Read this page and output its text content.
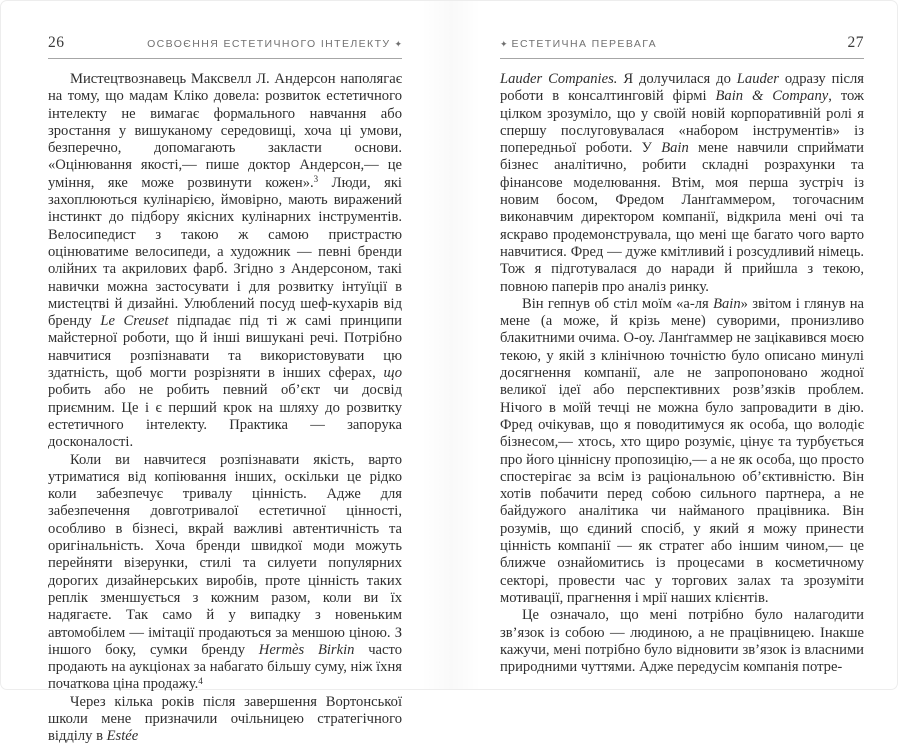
26	ОСВОЄННЯ ЕСТЕТИЧНОГО ІНТЕЛЕКТУ ✦

Мистецтвознавець Максвелл Л. Андерсон наполягає на тому, що мадам Кліко довела: розвиток естетичного інтелекту не вимагає формального навчання або зростання у вишуканому середовищі, хоча ці умови, безперечно, допомагають закласти основи. «Оцінювання якості,— пише доктор Андерсон,— це уміння, яке може розвинути кожен».$^3$ Люди, які захоплюються кулінарією, ймовірно, мають виражений інстинкт до підбору якісних кулінарних інструментів. Велосипедист з такою ж самою пристрастю оцінюватиме велосипеди, а художник — певні бренди олійних та акрилових фарб. Згідно з Андерсоном, такі навички можна застосувати і для розвитку інтуїції в мистецтві й дизайні. Улюблений посуд шеф-кухарів від бренду Le Creuset підпадає під ті ж самі принципи майстерної роботи, що й інші вишукані речі. Потрібно навчитися розпізнавати та використовувати цю здатність, щоб могти розрізняти в інших сферах, що робить або не робить певний об’єкт чи досвід приємним. Це і є перший крок на шляху до розвитку естетичного інтелекту. Практика — запорука досконалості.

Коли ви навчитеся розпізнавати якість, варто утриматися від копіювання інших, оскільки це рідко коли забезпечує тривалу цінність. Адже для забезпечення довготривалої естетичної цінності, особливо в бізнесі, вкрай важливі автентичність та оригінальність. Хоча бренди швидкої моди можуть перейняти візерунки, стилі та силуети популярних дорогих дизайнерських виробів, проте цінність таких реплік зменшується з кожним разом, коли ви їх надягаєте. Так само й у випадку з новеньким автомобілем — імітації продаються за меншою ціною. З іншого боку, сумки бренду Hermès Birkin часто продають на аукціонах за набагато більшу суму, ніж їхня початкова ціна продажу.$^4$

Через кілька років після завершення Вортонської школи мене призначили очільницею стратегічного відділу в Estée

✦ ЕСТЕТИЧНА ПЕРЕВАГА	27

Lauder Companies. Я долучилася до Lauder одразу після роботи в консалтинговій фірмі Bain & Company, тож цілком зрозуміло, що у своїй новій корпоративній ролі я спершу послуговувалася «набором інструментів» із попередньої роботи. У Bain мене навчили сприймати бізнес аналітично, робити складні розрахунки та фінансове моделювання. Втім, моя перша зустріч із новим босом, Фредом Ланґгаммером, тогочасним виконавчим директором компанії, відкрила мені очі та яскраво продемонструвала, що мені ще багато чого варто навчитися. Фред — дуже кмітливий і розсудливий німець. Тож я підготувалася до наради й прийшла з текою, повною паперів про аналіз ринку.

Він гепнув об стіл моїм «а-ля Bain» звітом і глянув на мене (а може, й крізь мене) суворими, пронизливо блакитними очима. О-оу. Ланґгаммер не зацікавився моєю текою, у якій з клінічною точністю було описано минулі досягнення компанії, але не запропоновано жодної великої ідеї або перспективних розв’язків проблем. Нічого в моїй течці не можна було запровадити в дію. Фред очікував, що я поводитимуся як особа, що володіє бізнесом,— хтось, хто щиро розуміє, цінує та турбується про його ціннісну пропозицію,— а не як особа, що просто спостерігає за всім із раціональною об’єктивністю. Він хотів побачити перед собою сильного партнера, а не байдужого аналітика чи найманого працівника. Він розумів, що єдиний спосіб, у який я можу принести цінність компанії — як стратег або іншим чином,— це ближче ознайомитись із процесами в косметичному секторі, провести час у торгових залах та зрозуміти мотивації, прагнення і мрії наших клієнтів.

Це означало, що мені потрібно було налагодити зв’язок із собою — людиною, а не працівницею. Інакше кажучи, мені потрібно було відновити зв’язок із власними природними чуттями. Адже передусім компанія потре-
